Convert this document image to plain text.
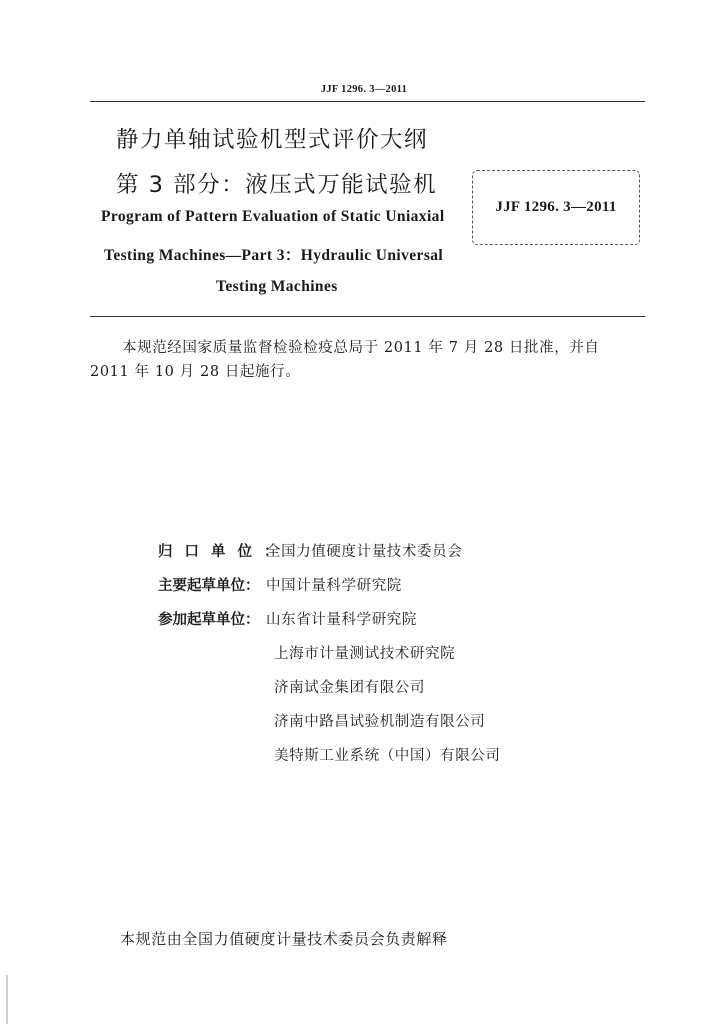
JJF 1296. 3—2011
静力单轴试验机型式评价大纲
第 3 部分：液压式万能试验机
Program of Pattern Evaluation of Static Uniaxial
Testing Machines—Part 3：Hydraulic Universal
Testing Machines
JJF 1296. 3—2011
本规范经国家质量监督检验检疫总局于 2011 年 7 月 28 日批准，并自
2011 年 10 月 28 日起施行。
归口单位：
全国力值硬度计量技术委员会
主要起草单位： 中国计量科学研究院
参加起草单位： 山东省计量科学研究院
上海市计量测试技术研究院
济南试金集团有限公司
济南中路昌试验机制造有限公司
美特斯工业系统（中国）有限公司
本规范由全国力值硬度计量技术委员会负责解释
